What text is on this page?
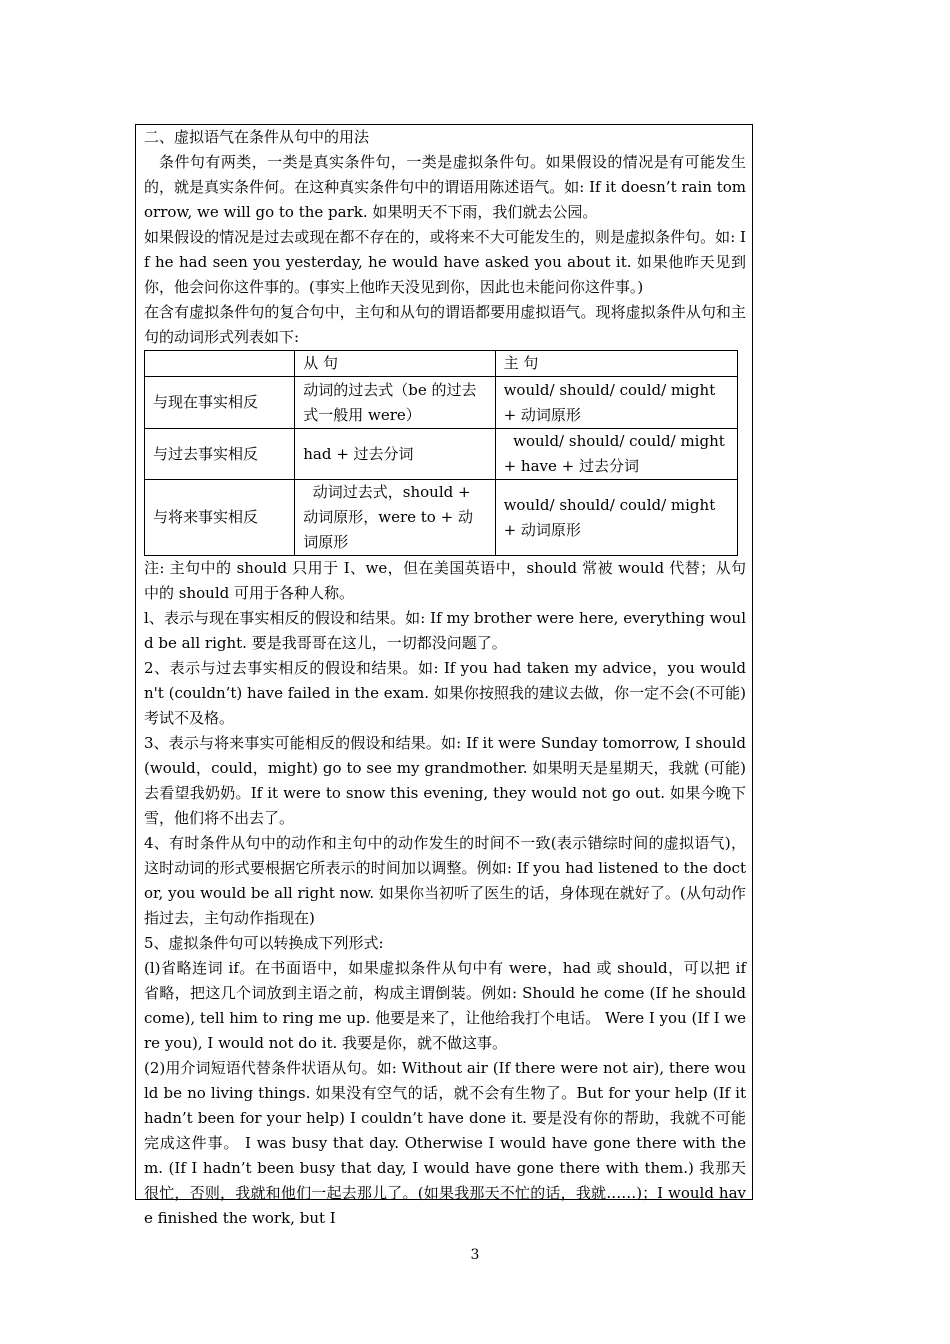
二、虚拟语气在条件从句中的用法

条件句有两类，一类是真实条件句，一类是虚拟条件句。如果假设的情况是有可能发生的，就是真实条件何。在这种真实条件句中的谓语用陈述语气。如: If it doesn’t rain tomorrow, we will go to the park. 如果明天不下雨，我们就去公园。

如果假设的情况是过去或现在都不存在的，或将来不大可能发生的，则是虚拟条件句。如: If he had seen you yesterday, he would have asked you about it. 如果他昨天见到你，他会问你这件事的。(事实上他昨天没见到你，因此也未能问你这件事。)

在含有虚拟条件句的复合句中，主句和从句的谓语都要用虚拟语气。现将虚拟条件从句和主句的动词形式列表如下:

	从 句	主 句
与现在事实相反	动词的过去式（be 的过去式一般用 were）	would/ should/ could/ might + 动词原形
与过去事实相反	had + 过去分词	would/ should/ could/ might + have + 过去分词
与将来事实相反	动词过去式，should + 动词原形，were to + 动词原形	would/ should/ could/ might + 动词原形

注: 主句中的 should 只用于 I、we，但在美国英语中，should 常被 would 代替；从句中的 should 可用于各种人称。

l、表示与现在事实相反的假设和结果。如: If my brother were here, everything would be all right. 要是我哥哥在这儿，一切都没问题了。

2、表示与过去事实相反的假设和结果。如: If you had taken my advice，you wouldn't (couldn’t) have failed in the exam. 如果你按照我的建议去做，你一定不会(不可能)考试不及格。

3、表示与将来事实可能相反的假设和结果。如: If it were Sunday tomorrow, I should (would，could，might) go to see my grandmother. 如果明天是星期天，我就 (可能)去看望我奶奶。If it were to snow this evening, they would not go out. 如果今晚下雪，他们将不出去了。

4、有时条件从句中的动作和主句中的动作发生的时间不一致(表示错综时间的虚拟语气)，这时动词的形式要根据它所表示的时间加以调整。例如: If you had listened to the doctor, you would be all right now. 如果你当初听了医生的话，身体现在就好了。(从句动作指过去，主句动作指现在)

5、虚拟条件句可以转换成下列形式:

(l)省略连词 if。在书面语中，如果虚拟条件从句中有 were，had 或 should，可以把 if 省略，把这几个词放到主语之前，构成主谓倒装。例如: Should he come (If he should come), tell him to ring me up. 他要是来了，让他给我打个电话。 Were I you (If I were you), I would not do it. 我要是你，就不做这事。

(2)用介词短语代替条件状语从句。如: Without air (If there were not air), there would be no living things. 如果没有空气的话，就不会有生物了。But for your help (If it hadn’t been for your help) I couldn’t have done it. 要是没有你的帮助，我就不可能完成这件事。 I was busy that day. Otherwise I would have gone there with them. (If I hadn’t been busy that day, I would have gone there with them.) 我那天很忙，否则，我就和他们一起去那儿了。(如果我那天不忙的话，我就……)；I would have finished the work, but I

3
